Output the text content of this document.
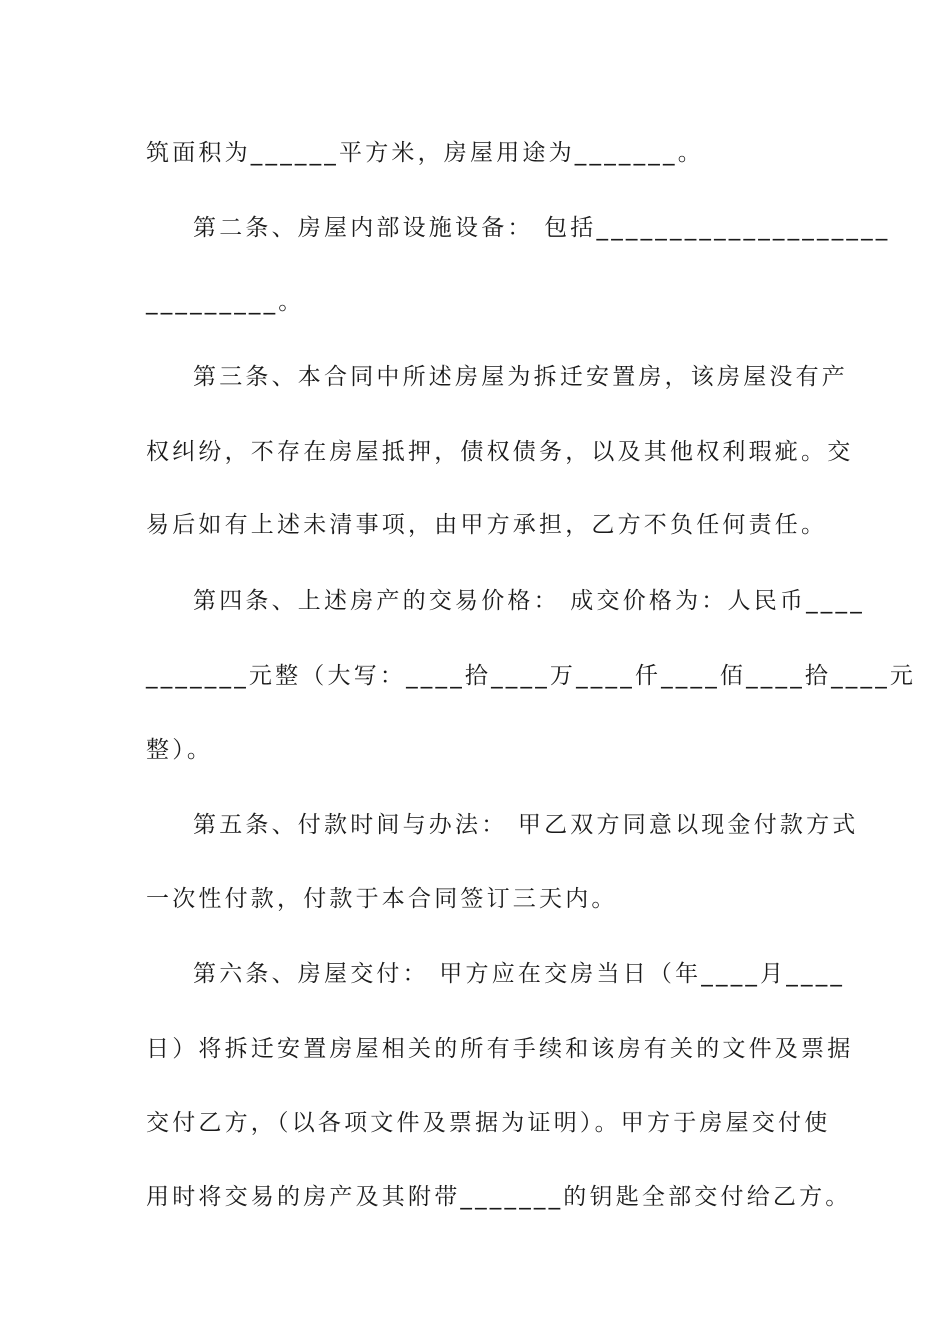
筑面积为______平方米，房屋用途为_______。

第二条、房屋内部设施设备： 包括____________________

_________。

第三条、本合同中所述房屋为拆迁安置房，该房屋没有产

权纠纷，不存在房屋抵押，债权债务，以及其他权利瑕疵。交

易后如有上述未清事项，由甲方承担，乙方不负任何责任。

第四条、上述房产的交易价格： 成交价格为：人民币____

_______元整（大写：____拾____万____仟____佰____拾____元

整）。

第五条、付款时间与办法： 甲乙双方同意以现金付款方式

一次性付款，付款于本合同签订三天内。

第六条、房屋交付： 甲方应在交房当日（年____月____

日）将拆迁安置房屋相关的所有手续和该房有关的文件及票据

交付乙方，（以各项文件及票据为证明）。甲方于房屋交付使

用时将交易的房产及其附带_______的钥匙全部交付给乙方。
